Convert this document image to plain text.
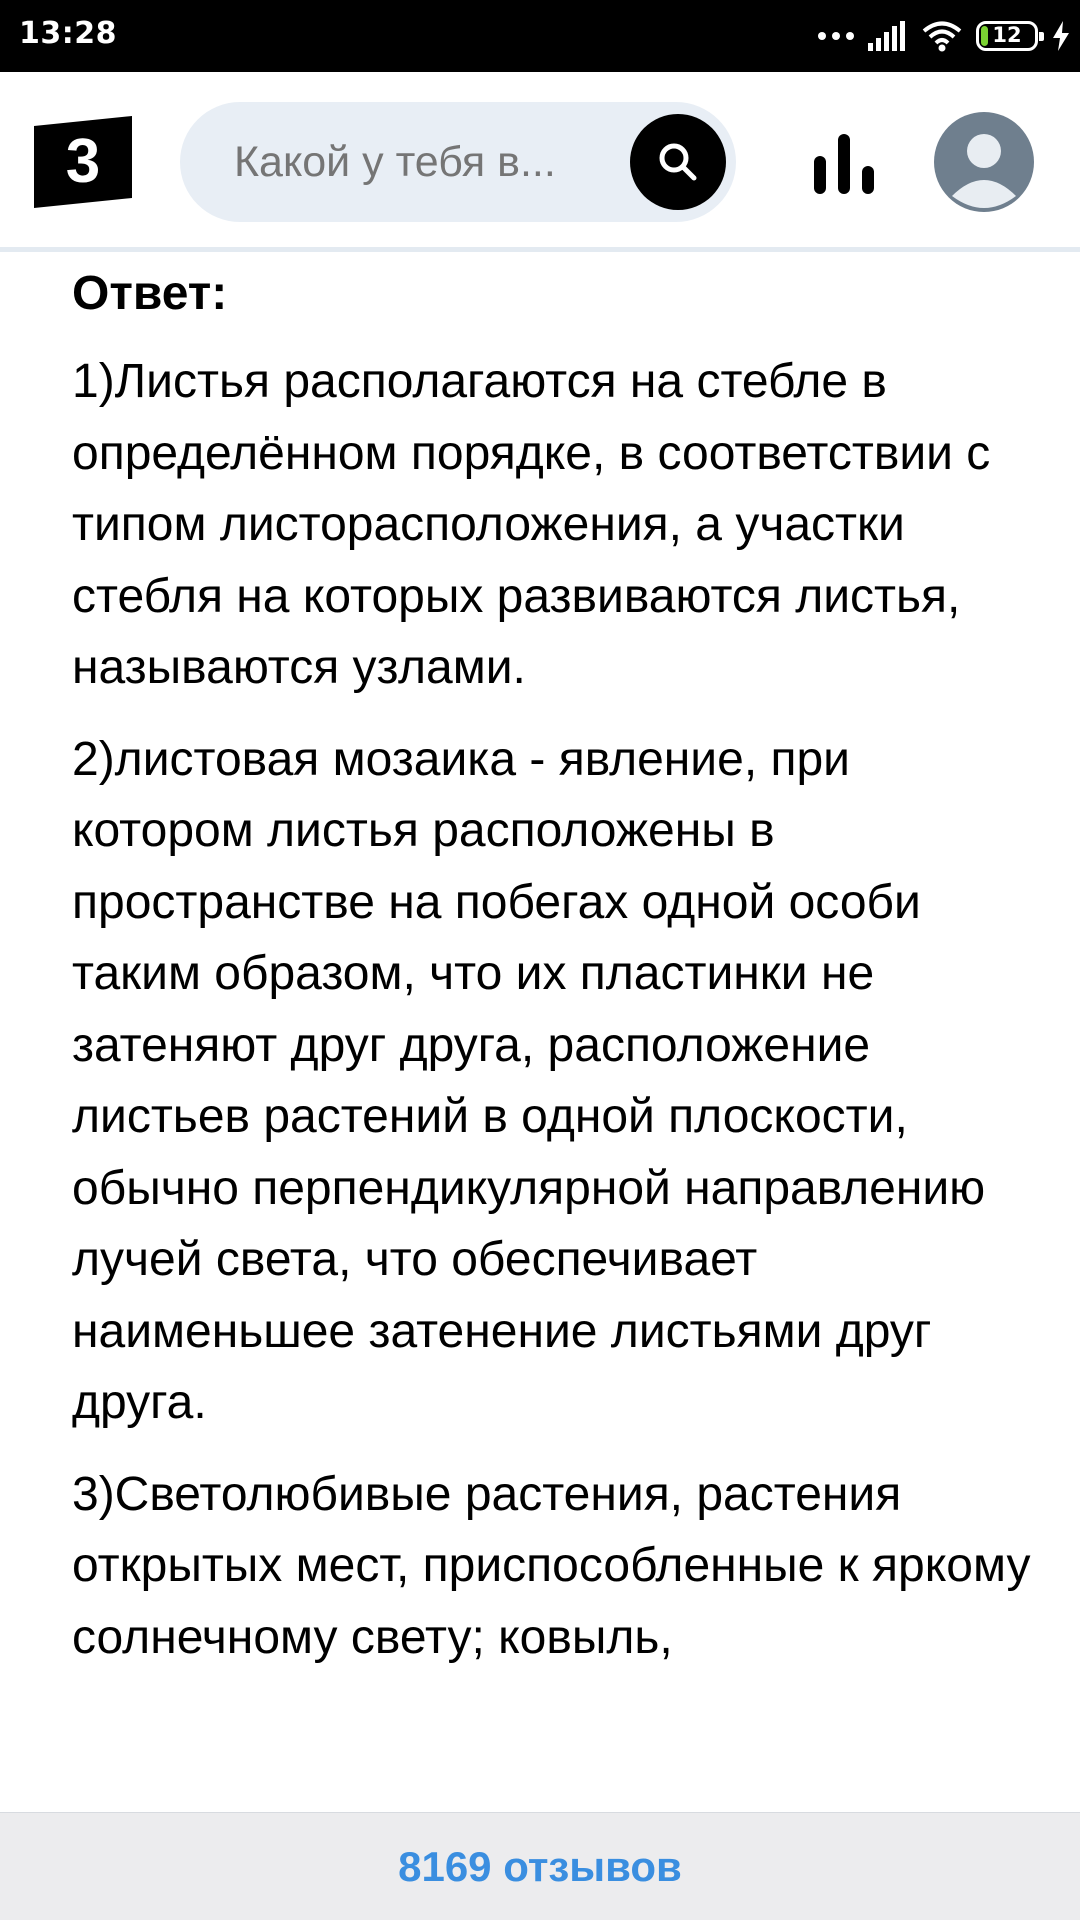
13:28	12
3
Какой у тебя в...
Ответ:

1)Листья располагаются на стебле в определённом порядке, в соответствии с типом листорасположения, а участки стебля на которых развиваются листья, называются узлами.

2)листовая мозаика - явление, при котором листья расположены в пространстве на побегах одной особи таким образом, что их пластинки не затеняют друг друга, расположение листьев растений в одной плоскости, обычно перпендикулярной направлению лучей света, что обеспечивает наименьшее затенение листьями друг друга.

3)Светолюбивые растения, растения открытых мест, приспособленные к яркому солнечному свету; ковыль,

8169 отзывов
